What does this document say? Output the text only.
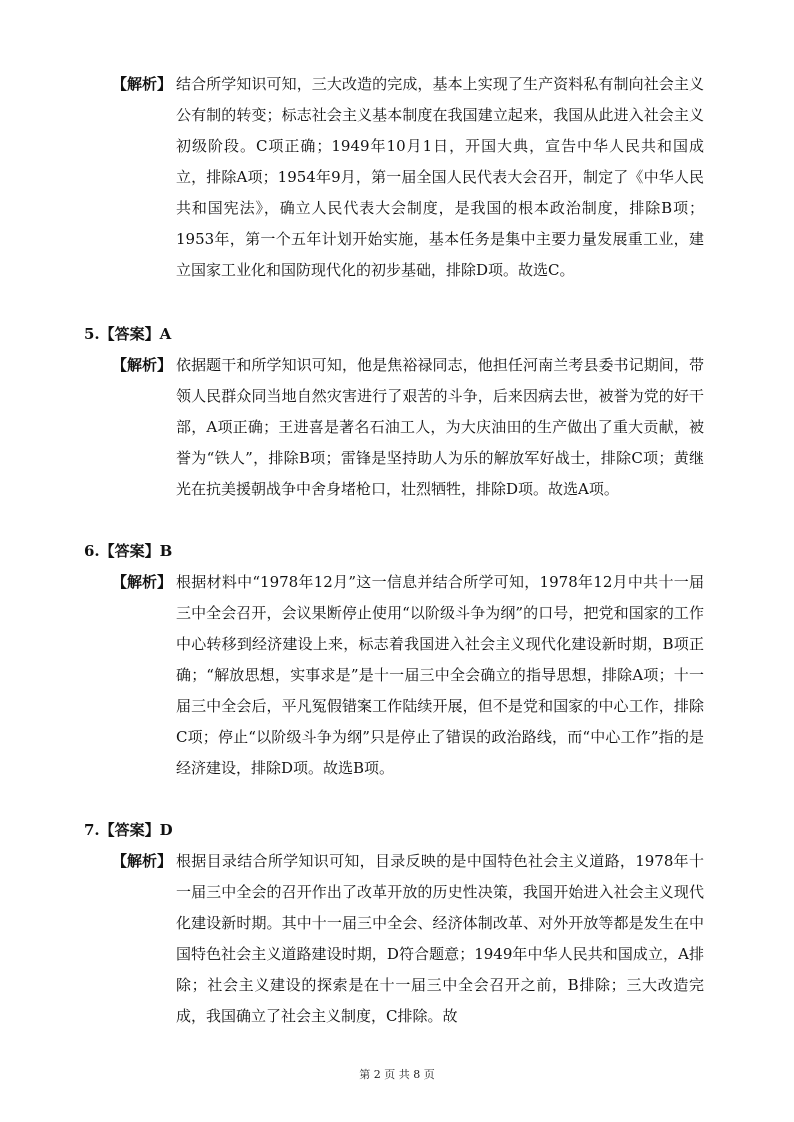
【解析】 结合所学知识可知，三大改造的完成，基本上实现了生产资料私有制向社会主义公有制的转变；标志社会主义基本制度在我国建立起来，我国从此进入社会主义初级阶段。C项正确；1949年10月1日，开国大典，宣告中华人民共和国成立，排除A项；1954年9月，第一届全国人民代表大会召开，制定了《中华人民共和国宪法》，确立人民代表大会制度，是我国的根本政治制度，排除B项；1953年，第一个五年计划开始实施，基本任务是集中主要力量发展重工业，建立国家工业化和国防现代化的初步基础，排除D项。故选C。
5.【答案】A
【解析】 依据题干和所学知识可知，他是焦裕禄同志，他担任河南兰考县委书记期间，带领人民群众同当地自然灾害进行了艰苦的斗争，后来因病去世，被誉为党的好干部，A项正确；王进喜是著名石油工人，为大庆油田的生产做出了重大贡献，被誉为“铁人”，排除B项；雷锋是坚持助人为乐的解放军好战士，排除C项；黄继光在抗美援朝战争中舍身堵枪口，壮烈牺牲，排除D项。故选A项。
6.【答案】B
【解析】 根据材料中“1978年12月”这一信息并结合所学可知，1978年12月中共十一届三中全会召开，会议果断停止使用“以阶级斗争为纲”的口号，把党和国家的工作中心转移到经济建设上来，标志着我国进入社会主义现代化建设新时期，B项正确；“解放思想，实事求是”是十一届三中全会确立的指导思想，排除A项；十一届三中全会后，平凡冤假错案工作陆续开展，但不是党和国家的中心工作，排除C项；停止“以阶级斗争为纲”只是停止了错误的政治路线，而“中心工作”指的是经济建设，排除D项。故选B项。
7.【答案】D
【解析】 根据目录结合所学知识可知，目录反映的是中国特色社会主义道路，1978年十一届三中全会的召开作出了改革开放的历史性决策，我国开始进入社会主义现代化建设新时期。其中十一届三中全会、经济体制改革、对外开放等都是发生在中国特色社会主义道路建设时期，D符合题意；1949年中华人民共和国成立，A排除；社会主义建设的探索是在十一届三中全会召开之前，B排除；三大改造完成，我国确立了社会主义制度，C排除。故
第 2 页 共 8 页
